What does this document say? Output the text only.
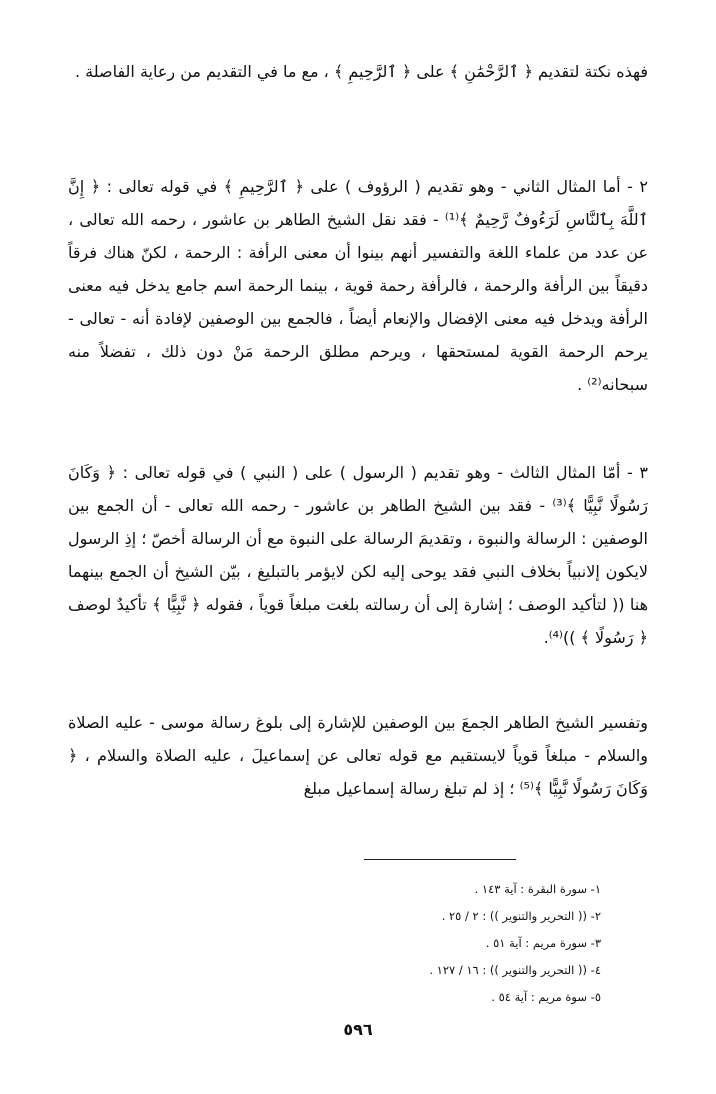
فهذه نكتة لتقديم ﴿ ٱلرَّحْمَٰنِ ﴾ على ﴿ ٱلرَّحِيمِ ﴾ ، مع ما في التقديم من رعاية الفاصلة .

٢ - أما المثال الثاني - وهو تقديم ( الرؤوف ) على ﴿ ٱلرَّحِيمِ ﴾ في قوله تعالى : ﴿ إِنَّ ٱللَّهَ بِٱلنَّاسِ لَرَءُوفٌ رَّحِيمٌ ﴾⁽¹⁾ - فقد نقل الشيخ الطاهر بن عاشور ، رحمه الله تعالى ، عن عدد من علماء اللغة والتفسير أنهم بينوا أن معنى الرأفة : الرحمة ، لكنّ هناك فرقاً دقيقاً بين الرأفة والرحمة ، فالرأفة رحمة قوية ، بينما الرحمة اسم جامع يدخل فيه معنى الرأفة ويدخل فيه معنى الإفضال والإنعام أيضاً ، فالجمع بين الوصفين لإفادة أنه - تعالى - يرحم الرحمة القوية لمستحقها ، ويرحم مطلق الرحمة مَنْ دون ذلك ، تفضلاً منه سبحانه⁽²⁾ .

٣ - أمّا المثال الثالث - وهو تقديم ( الرسول ) على ( النبي ) في قوله تعالى : ﴿ وَكَانَ رَسُولًا نَّبِيًّا ﴾⁽³⁾ - فقد بين الشيخ الطاهر بن عاشور - رحمه الله تعالى - أن الجمع بين الوصفين : الرسالة والنبوة ، وتقديمَ الرسالة على النبوة مع أن الرسالة أخصّ ؛ إذِ الرسول لايكون إلانبياً بخلاف النبي فقد يوحى إليه لكن لايؤمر بالتبليغ ، بيّن الشيخ أن الجمع بينهما هنا (( لتأكيد الوصف ؛ إشارة إلى أن رسالته بلغت مبلغاً قوياً ، فقوله ﴿ نَّبِيًّا ﴾ تأكيدٌ لوصف ﴿ رَسُولًا ﴾ ))⁽⁴⁾.

وتفسير الشيخ الطاهر الجمعَ بين الوصفين للإشارة إلى بلوغ رسالة موسى - عليه الصلاة والسلام - مبلغاً قوياً لايستقيم مع قوله تعالى عن إسماعيلَ ، عليه الصلاة والسلام ، ﴿ وَكَانَ رَسُولًا نَّبِيًّا ﴾⁽⁵⁾ ؛ إذ لم تبلغ رسالة إسماعيل مبلغ

١- سورة البقرة : آية ١٤٣ .

٢- (( التحرير والتنوير )) : ٢ / ٢٥ .

٣- سورة مريم : آية ٥١ .

٤- (( التحرير والتنوير )) : ١٦ / ١٢٧ .

٥- سوة مريم : آية ٥٤ .

٥٩٦
